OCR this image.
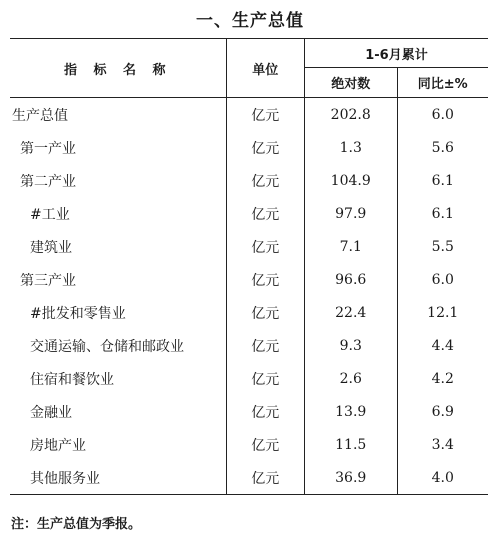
一、生产总值
指 标 名 称	单位	1-6月累计	
		绝对数	同比±%
生产总值	亿元	202.8	6.0
第一产业	亿元	1.3	5.6
第二产业	亿元	104.9	6.1
#工业	亿元	97.9	6.1
建筑业	亿元	7.1	5.5
第三产业	亿元	96.6	6.0
#批发和零售业	亿元	22.4	12.1
交通运输、仓储和邮政业	亿元	9.3	4.4
住宿和餐饮业	亿元	2.6	4.2
金融业	亿元	13.9	6.9
房地产业	亿元	11.5	3.4
其他服务业	亿元	36.9	4.0
注：生产总值为季报。
